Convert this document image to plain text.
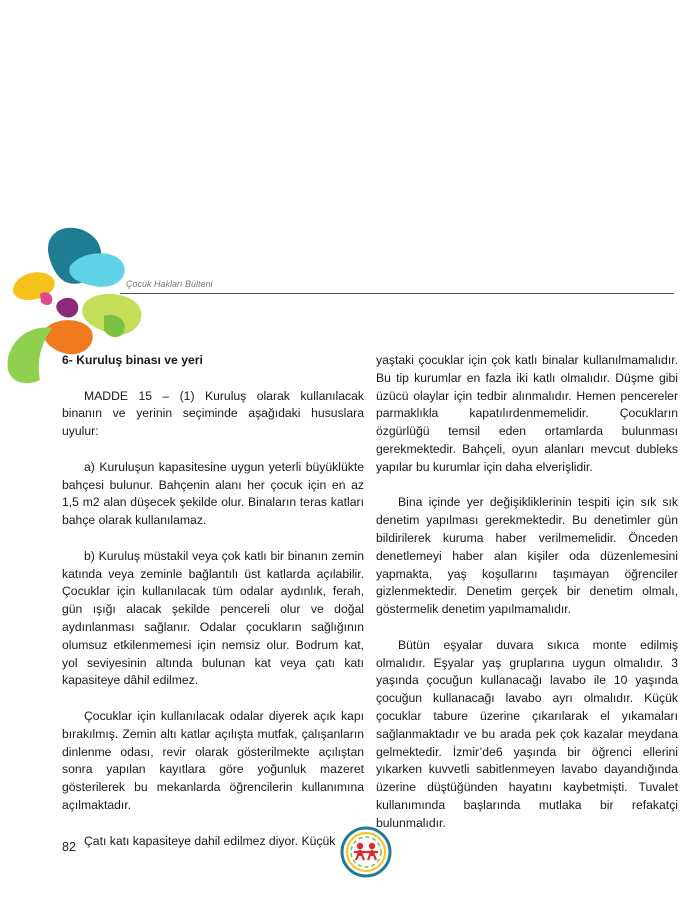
Çocuk Hakları Bülteni

6- Kuruluş binası ve yeri

MADDE 15 – (1) Kuruluş olarak kullanılacak binanın ve yerinin seçiminde aşağıdaki hususlara uyulur:

a) Kuruluşun kapasitesine uygun yeterli büyüklükte bahçesi bulunur. Bahçenin alanı her çocuk için en az 1,5 m2 alan düşecek şekilde olur. Binaların teras katları bahçe olarak kullanılamaz.

b) Kuruluş müstakil veya çok katlı bir binanın zemin katında veya zeminle bağlantılı üst katlarda açılabilir. Çocuklar için kullanılacak tüm odalar aydınlık, ferah, gün ışığı alacak şekilde pencereli olur ve doğal aydınlanması sağlanır. Odalar çocukların sağlığının olumsuz etkilenmemesi için nemsiz olur. Bodrum kat, yol seviyesinin altında bulunan kat veya çatı katı kapasiteye dâhil edilmez.

Çocuklar için kullanılacak odalar diyerek açık kapı bırakılmış. Zemin altı katlar açılışta mutfak, çalışanların dinlenme odası, revir olarak gösterilmekte açılıştan sonra yapılan kayıtlara göre yoğunluk mazeret gösterilerek bu mekanlarda öğrencilerin kullanımına açılmaktadır.

Çatı katı kapasiteye dahil edilmez diyor. Küçük

yaştaki çocuklar için çok katlı binalar kullanılmamalıdır. Bu tip kurumlar en fazla iki katlı olmalıdır. Düşme gibi üzücü olaylar için tedbir alınmalıdır. Hemen pencereler parmaklıkla kapatılırdenmemelidir. Çocukların özgürlüğü temsil eden ortamlarda bulunması gerekmektedir. Bahçeli, oyun alanları mevcut dubleks yapılar bu kurumlar için daha elverişlidir.

Bina içinde yer değişikliklerinin tespiti için sık sık denetim yapılması gerekmektedir. Bu denetimler gün bildirilerek kuruma haber verilmemelidir. Önceden denetlemeyi haber alan kişiler oda düzenlemesini yapmakta, yaş koşullarını taşımayan öğrenciler gizlenmektedir. Denetim gerçek bir denetim olmalı, göstermelik denetim yapılmamalıdır.

Bütün eşyalar duvara sıkıca monte edilmiş olmalıdır. Eşyalar yaş gruplarına uygun olmalıdır. 3 yaşında çocuğun kullanacağı lavabo ile 10 yaşında çocuğun kullanacağı lavabo ayrı olmalıdır. Küçük çocuklar tabure üzerine çıkarılarak el yıkamaları sağlanmaktadır ve bu arada pek çok kazalar meydana gelmektedir. İzmir’de6 yaşında bir öğrenci ellerini yıkarken kuvvetli sabitlenmeyen lavabo dayandığında üzerine düştüğünden hayatını kaybetmişti. Tuvalet kullanımında başlarında mutlaka bir refakatçi bulunmalıdır.

82
